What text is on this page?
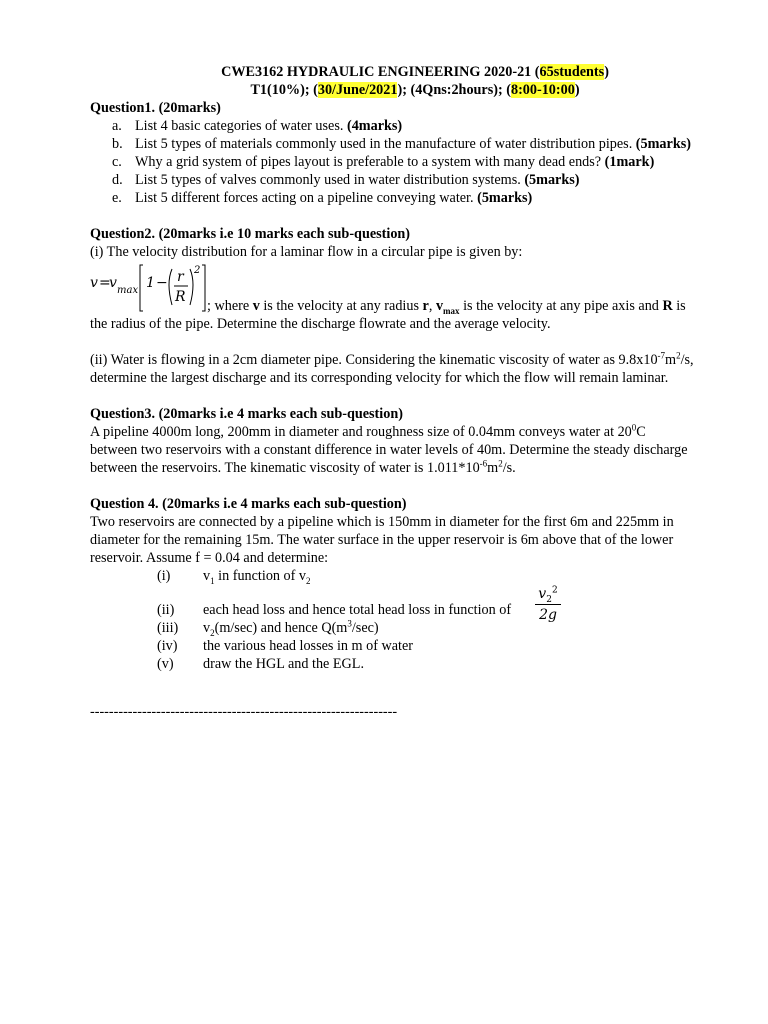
CWE3162 HYDRAULIC ENGINEERING 2020-21 (65students)
T1(10%); (30/June/2021); (4Qns:2hours); (8:00-10:00)
Question1. (20marks)
a. List 4 basic categories of water uses. (4marks)
b. List 5 types of materials commonly used in the manufacture of water distribution pipes. (5marks)
c. Why a grid system of pipes layout is preferable to a system with many dead ends? (1mark)
d. List 5 types of valves commonly used in water distribution systems. (5marks)
e. List 5 different forces acting on a pipeline conveying water. (5marks)
Question2. (20marks i.e 10 marks each sub-question)
(i) The velocity distribution for a laminar flow in a circular pipe is given by:
v =
v max 1 − r
R
2
; where v is the velocity at any radius r, $v_{max}$ is the velocity at any pipe axis and R is
the radius of the pipe. Determine the discharge flowrate and the average velocity.
(ii) Water is flowing in a 2cm diameter pipe. Considering the kinematic viscosity of water as $9.8x10^{-7}m^2/s$,
determine the largest discharge and its corresponding velocity for which the flow will remain laminar.
Question3. (20marks i.e 4 marks each sub-question)
A pipeline 4000m long, 200mm in diameter and roughness size of 0.04mm conveys water at $20^0C$
between two reservoirs with a constant difference in water levels of 40m. Determine the steady discharge
between the reservoirs. The kinematic viscosity of water is $1.011*10^{-6}m^2/s$.
Question 4. (20marks i.e 4 marks each sub-question)
Two reservoirs are connected by a pipeline which is 150mm in diameter for the first 6m and 225mm in
diameter for the remaining 15m. The water surface in the upper reservoir is 6m above that of the lower
reservoir. Assume f = 0.04 and determine:
(i) $v_1$ in function of $v_2$
$v_2^2$
2g
(ii) each head loss and hence total head loss in function of
(iii) $v_2(m/\sec)$ and hence $Q(m^3/\sec)$
(iv) the various head losses in m of water
(v) draw the HGL and the EGL.
-----------------------------------------------------------------
